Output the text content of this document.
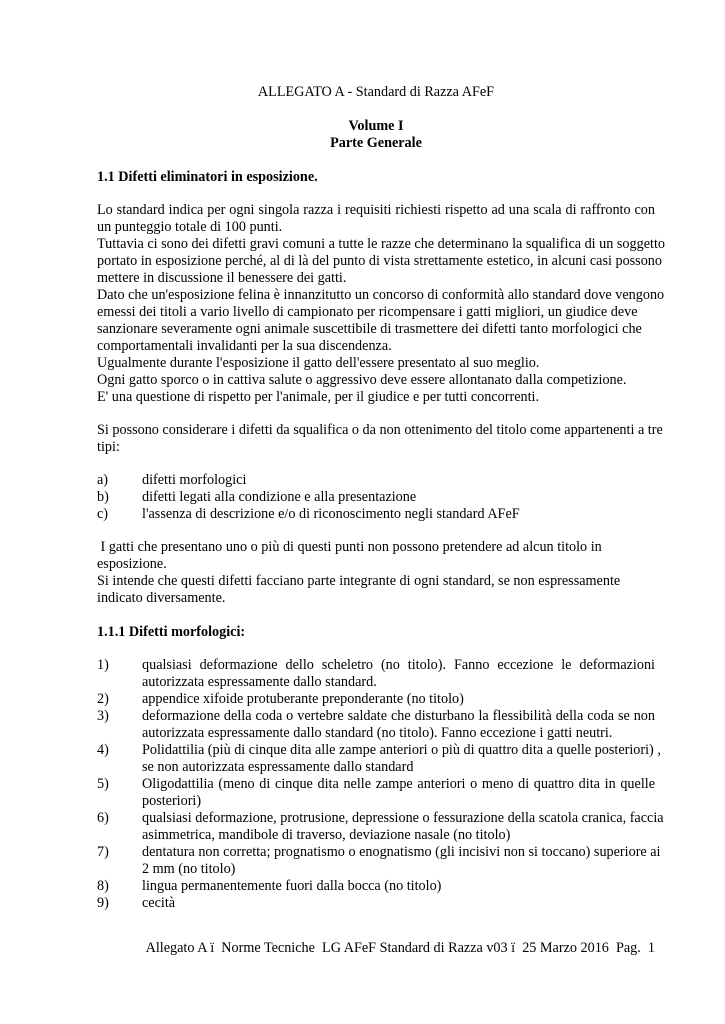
ALLEGATO A - Standard di Razza AFeF
Volume I
Parte Generale
1.1 Difetti eliminatori in esposizione.
Lo standard indica per ogni singola razza i requisiti richiesti rispetto ad una scala di raffronto con
un punteggio totale di 100 punti.
Tuttavia ci sono dei difetti gravi comuni a tutte le razze che determinano la squalifica di un soggetto
portato in esposizione perché, al di là del punto di vista strettamente estetico, in alcuni casi possono
mettere in discussione il benessere dei gatti.
Dato che un'esposizione felina è innanzitutto un concorso di conformità allo standard dove vengono
emessi dei titoli a vario livello di campionato per ricompensare i gatti migliori, un giudice deve
sanzionare severamente ogni animale suscettibile di trasmettere dei difetti tanto morfologici che
comportamentali invalidanti per la sua discendenza.
Ugualmente durante l'esposizione il gatto dell'essere presentato al suo meglio.
Ogni gatto sporco o in cattiva salute o aggressivo deve essere allontanato dalla competizione.
E' una questione di rispetto per l'animale, per il giudice e per tutti concorrenti.
Si possono considerare i difetti da squalifica o da non ottenimento del titolo come appartenenti a tre
tipi:
a) difetti morfologici
b) difetti legati alla condizione e alla presentazione
c) l'assenza di descrizione e/o di riconoscimento negli standard AFeF
I gatti che presentano uno o più di questi punti non possono pretendere ad alcun titolo in
esposizione.
Si intende che questi difetti facciano parte integrante di ogni standard, se non espressamente
indicato diversamente.
1.1.1 Difetti morfologici:
1) qualsiasi deformazione dello scheletro (no titolo). Fanno eccezione le deformazioni
autorizzata espressamente dallo standard.
2) appendice xifoide protuberante preponderante (no titolo)
3) deformazione della coda o vertebre saldate che disturbano la flessibilità della coda se non
autorizzata espressamente dallo standard (no titolo). Fanno eccezione i gatti neutri.
4) Polidattilia (più di cinque dita alle zampe anteriori o più di quattro dita a quelle posteriori) ,
se non autorizzata espressamente dallo standard
5) Oligodattilia (meno di cinque dita nelle zampe anteriori o meno di quattro dita in quelle
posteriori)
6) qualsiasi deformazione, protrusione, depressione o fessurazione della scatola cranica, faccia
asimmetrica, mandibole di traverso, deviazione nasale (no titolo)
7) dentatura non corretta; prognatismo o enognatismo (gli incisivi non si toccano) superiore ai
2 mm (no titolo)
8) lingua permanentemente fuori dalla bocca (no titolo)
9) cecità
Allegato A ï  Norme Tecniche  LG AFeF Standard di Razza v03 ï  25 Marzo 2016  Pag.  1
